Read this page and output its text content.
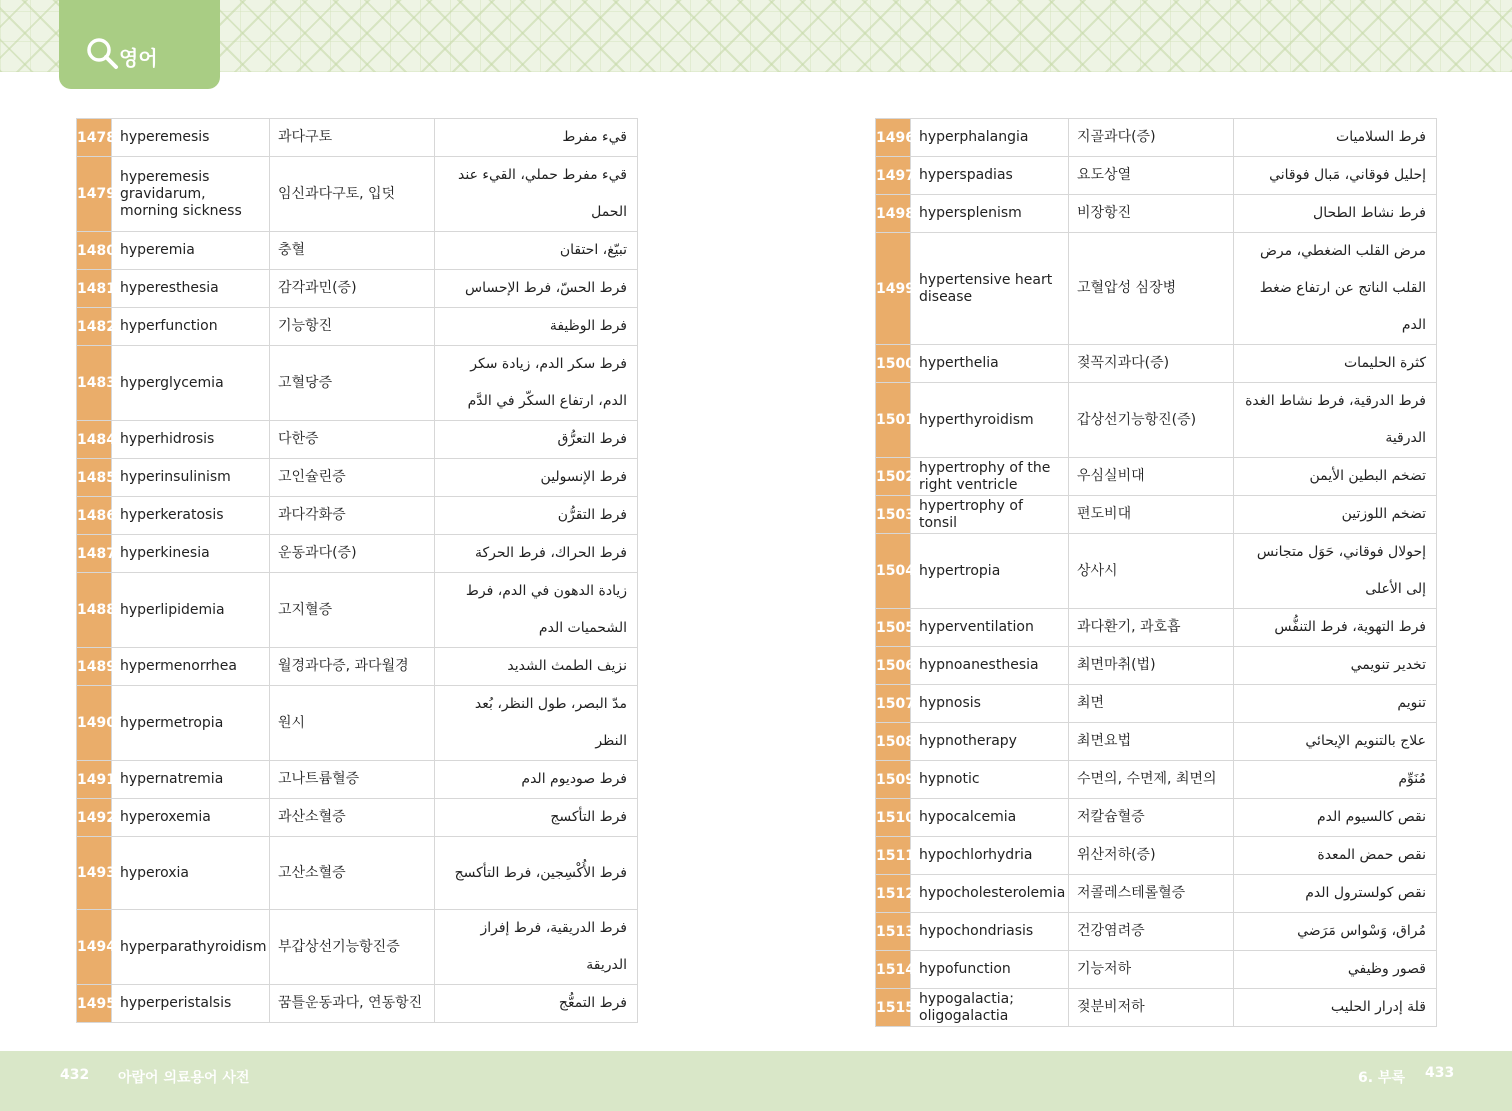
영어
1478	hyperemesis	과다구토	قيء مفرط
1479	hyperemesis gravidarum, morning sickness	임신과다구토, 입덧	قيء مفرط حملي، القيء عند الحمل
1480	hyperemia	충혈	تبيّغ، احتقان
1481	hyperesthesia	감각과민(증)	فرط الحسّ، فرط الإحساس
1482	hyperfunction	기능항진	فرط الوظيفة
1483	hyperglycemia	고혈당증	فرط سكر الدم، زيادة سكر الدم، ارتفاع السكّر في الدَّم
1484	hyperhidrosis	다한증	فرط التعرُّق
1485	hyperinsulinism	고인슐린증	فرط الإنسولين
1486	hyperkeratosis	과다각화증	فرط التقرُّن
1487	hyperkinesia	운동과다(증)	فرط الحراك، فرط الحركة
1488	hyperlipidemia	고지혈증	زيادة الدهون في الدم، فرط الشحميات الدم
1489	hypermenorrhea	월경과다증, 과다월경	نزيف الطمث الشديد
1490	hypermetropia	원시	مدّ البصر، طول النظر، بُعد النظر
1491	hypernatremia	고나트륨혈증	فرط صوديوم الدم
1492	hyperoxemia	과산소혈증	فرط التأكسج
1493	hyperoxia	고산소혈증	فرط الأُكْسِجين، فرط التأكسج
1494	hyperparathyroidism	부갑상선기능항진증	فرط الدريقية، فرط إفراز الدريقة
1495	hyperperistalsis	꿈틀운동과다, 연동항진	فرط التمعُّج
1496	hyperphalangia	지골과다(증)	فرط السلاميات
1497	hyperspadias	요도상열	إحليل فوقاني، مَبال فوقاني
1498	hypersplenism	비장항진	فرط نشاط الطحال
1499	hypertensive heart disease	고혈압성 심장병	مرض القلب الضغطي، مرض القلب الناتج عن ارتفاع ضغط الدم
1500	hyperthelia	젖꼭지과다(증)	كثرة الحليمات
1501	hyperthyroidism	갑상선기능항진(증)	فرط الدرقية، فرط نشاط الغدة الدرقية
1502	hypertrophy of the right ventricle	우심실비대	تضخم البطين الأيمن
1503	hypertrophy of tonsil	편도비대	تضخم اللوزتين
1504	hypertropia	상사시	إحولال فوقاني، حَوَل متجانس إلى الأعلى
1505	hyperventilation	과다환기, 과호흡	فرط التهوية، فرط التنفُّس
1506	hypnoanesthesia	최면마취(법)	تخدير تنويمي
1507	hypnosis	최면	تنويم
1508	hypnotherapy	최면요법	علاج بالتنويم الإيحائي
1509	hypnotic	수면의, 수면제, 최면의	مُنَوِّم
1510	hypocalcemia	저칼슘혈증	نقص كالسيوم الدم
1511	hypochlorhydria	위산저하(증)	نقص حمض المعدة
1512	hypocholesterolemia	저콜레스테롤혈증	نقص كولسترول الدم
1513	hypochondriasis	건강염려증	مُراق، وَسْواس مَرَضي
1514	hypofunction	기능저하	قصور وظيفي
1515	hypogalactia; oligogalactia	젖분비저하	قلة إدرار الحليب
432 아랍어 의료용어 사전	6. 부록 433
